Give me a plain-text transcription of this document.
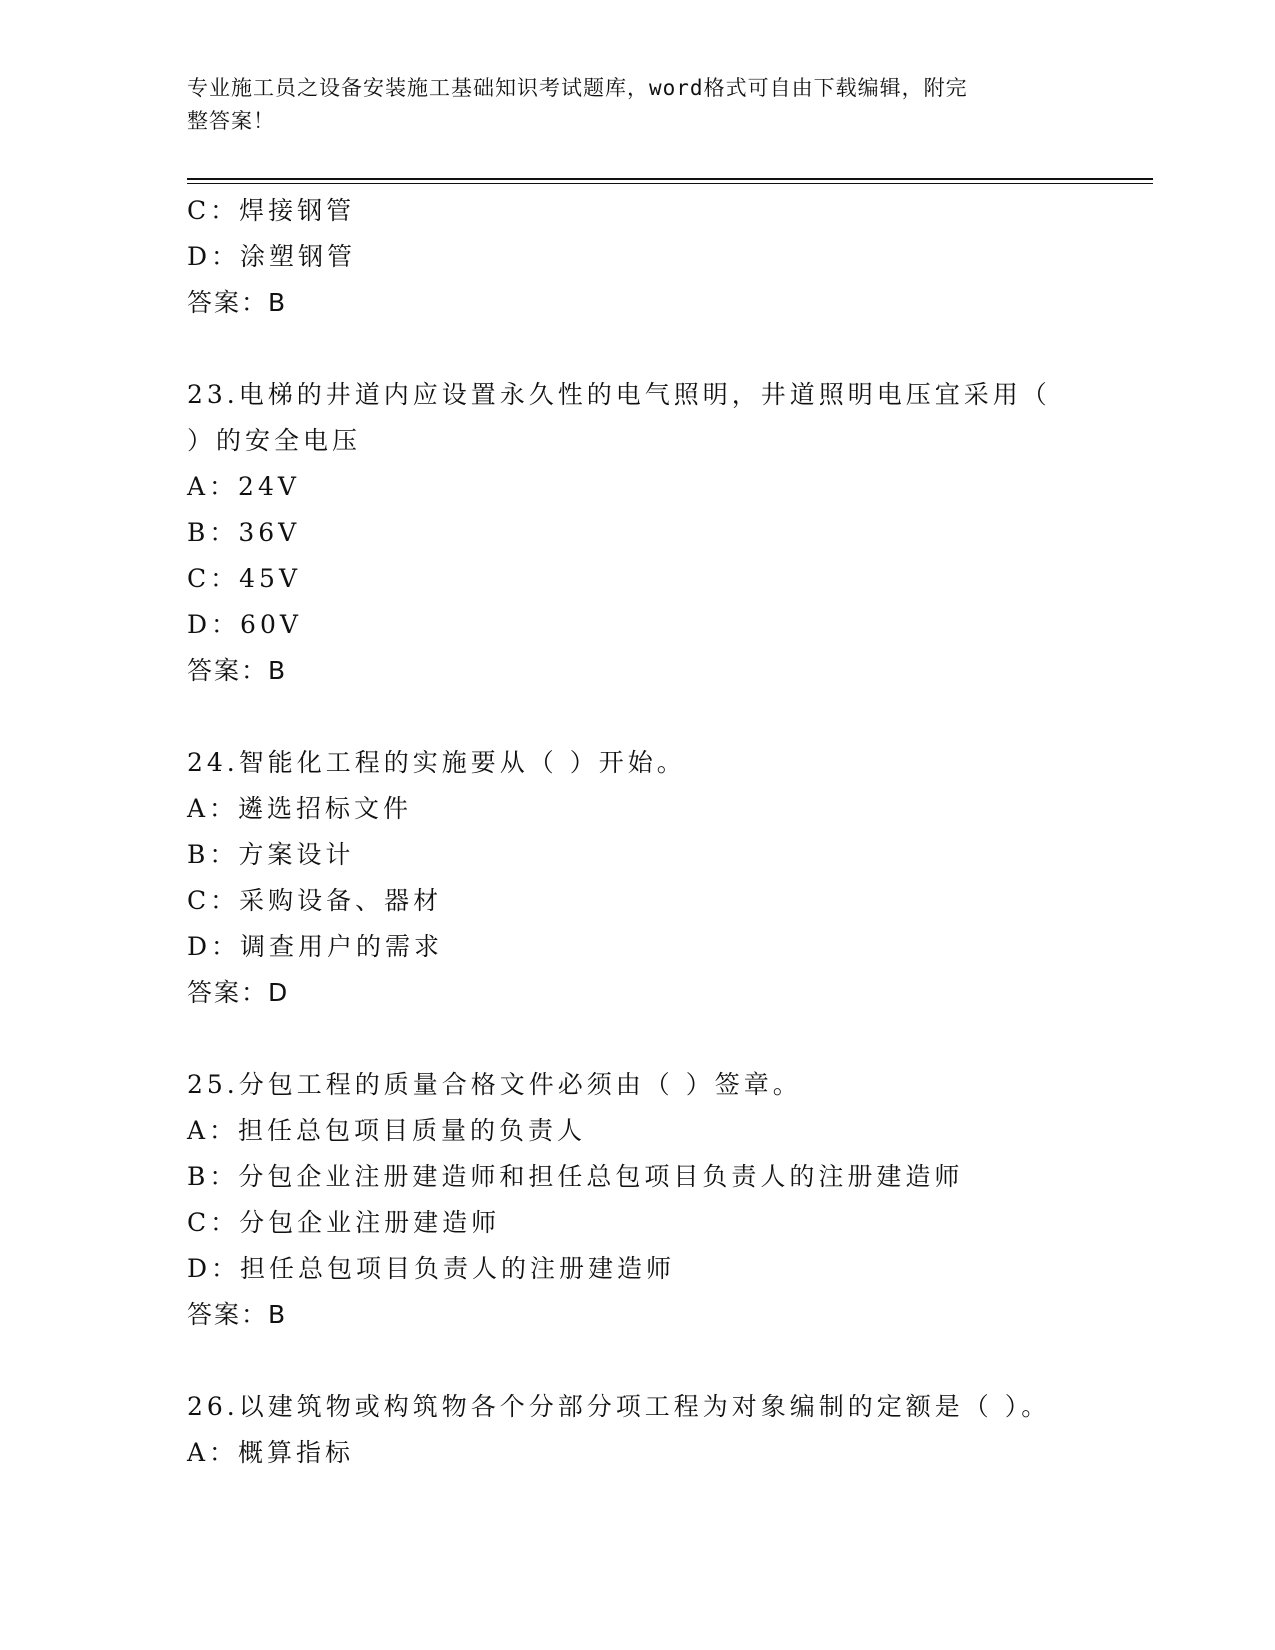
专业施工员之设备安装施工基础知识考试题库，word格式可自由下载编辑，附完
整答案！
C：焊接钢管
D：涂塑钢管
答案：B
23.电梯的井道内应设置永久性的电气照明，井道照明电压宜采用（
）的安全电压
A：24V
B：36V
C：45V
D：60V
答案：B
24.智能化工程的实施要从（ ）开始。
A：遴选招标文件
B：方案设计
C：采购设备、器材
D：调查用户的需求
答案：D
25.分包工程的质量合格文件必须由（ ）签章。
A：担任总包项目质量的负责人
B：分包企业注册建造师和担任总包项目负责人的注册建造师
C：分包企业注册建造师
D：担任总包项目负责人的注册建造师
答案：B
26.以建筑物或构筑物各个分部分项工程为对象编制的定额是（ ）。
A：概算指标
